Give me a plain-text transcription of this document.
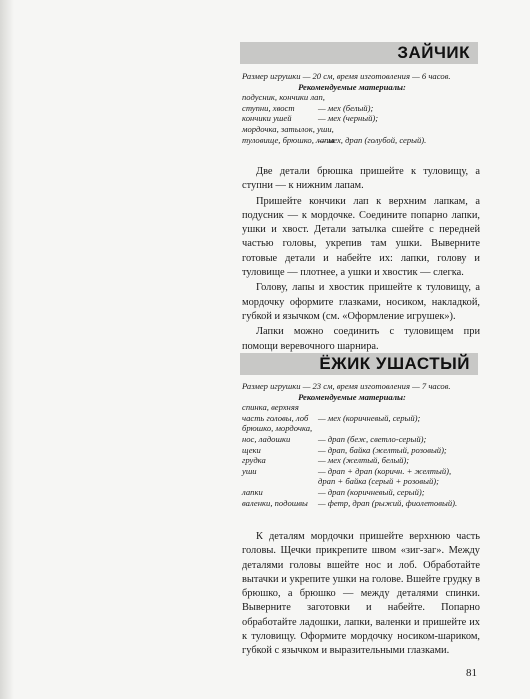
ЗАЙЧИК
Размер игрушки — 20 см, время изготовления — 6 часов.
Рекомендуемые материалы:
подусник, кончики лап,
ступни, хвост	— мех (белый);
кончики ушей	— мех (черный);
мордочка, затылок, уши,
туловище, брюшко, лапы
— мех, драп (голубой, серый).

Две детали брюшка пришейте к туловищу, а ступни — к нижним лапам.

Пришейте кончики лап к верхним лапкам, а подусник — к мордочке. Соедините попарно лапки, ушки и хвост. Детали затылка сшейте с передней частью головы, укрепив там ушки. Выверните готовые детали и набейте их: лапки, голову и туловище — плотнее, а ушки и хвостик — слегка.

Голову, лапы и хвостик пришейте к туловищу, а мордочку оформите глазками, носиком, накладкой, губкой и язычком (см. «Оформление игрушек»).

Лапки можно соединить с туловищем при помощи веревочного шарнира.

ЁЖИК УШАСТЫЙ
Размер игрушки — 23 см, время изготовления — 7 часов.
Рекомендуемые материалы:
спинка, верхняя
часть головы, лоб	— мех (коричневый, серый);
брюшко, мордочка,
нос, ладошки	— драп (беж, светло-серый);
щеки	— драп, байка (желтый, розовый);
грудка	— мех (желтый, белый);
уши	— драп + драп (коричн. + желтый),
драп + байка (серый + розовый);
лапки	— драп (коричневый, серый);
валенки, подошвы	— фетр, драп (рыжий, фиолетовый).

К деталям мордочки пришейте верхнюю часть головы. Щечки прикрепите швом «зиг-заг». Между деталями головы вшейте нос и лоб. Обработайте вытачки и укрепите ушки на голове. Вшейте грудку в брюшко, а брюшко — между деталями спинки. Выверните заготовки и набейте. Попарно обработайте ладошки, лапки, валенки и пришейте их к туловищу. Оформите мордочку носиком-шариком, губкой с язычком и выразительными глазками.

81
